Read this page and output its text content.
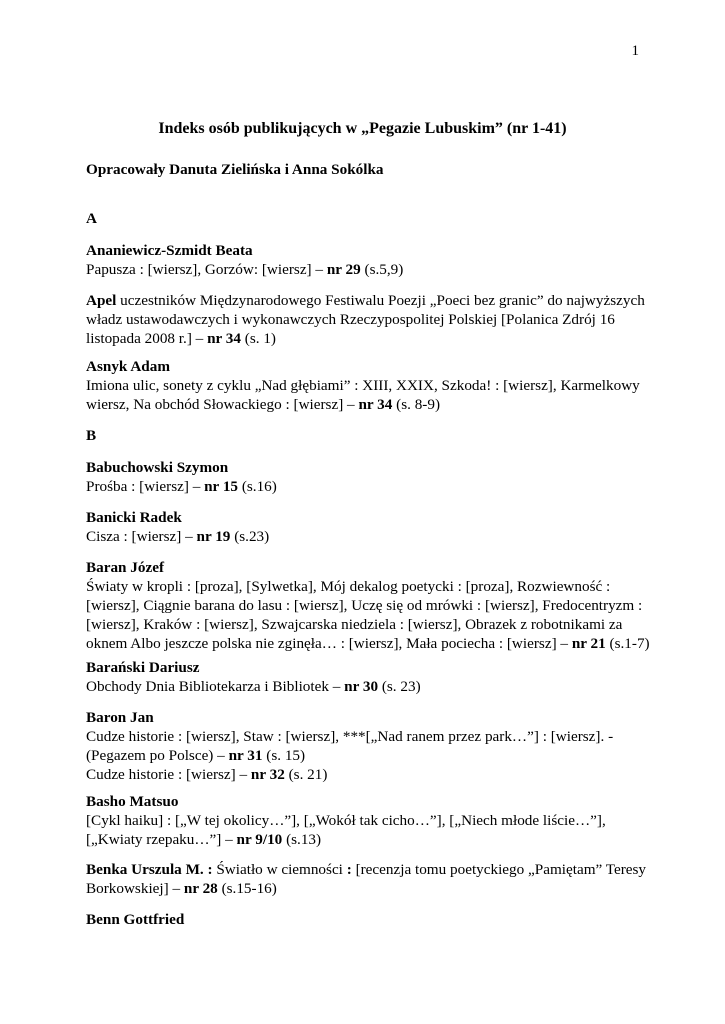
1
Indeks osób publikujących w „Pegazie Lubuskim” (nr 1-41)
Opracowały Danuta Zielińska i Anna Sokólka
A
Ananiewicz-Szmidt Beata
Papusza : [wiersz], Gorzów: [wiersz] – nr 29 (s.5,9)
Apel uczestników Międzynarodowego Festiwalu Poezji „Poeci bez granic” do najwyższych
władz ustawodawczych i wykonawczych Rzeczypospolitej Polskiej [Polanica Zdrój 16
listopada 2008 r.] – nr 34 (s. 1)
Asnyk Adam
Imiona ulic, sonety z cyklu „Nad głębiami” : XIII, XXIX, Szkoda! : [wiersz], Karmelkowy
wiersz, Na obchód Słowackiego : [wiersz] – nr 34 (s. 8-9)
B
Babuchowski Szymon
Prośba : [wiersz] – nr 15 (s.16)
Banicki Radek
Cisza : [wiersz] – nr 19 (s.23)
Baran Józef
Światy w kropli : [proza], [Sylwetka], Mój dekalog poetycki : [proza], Rozwiewność :
[wiersz], Ciągnie barana do lasu : [wiersz], Uczę się od mrówki : [wiersz], Fredocentryzm :
[wiersz], Kraków : [wiersz], Szwajcarska niedziela : [wiersz], Obrazek z robotnikami za
oknem Albo jeszcze polska nie zginęła… : [wiersz], Mała pociecha : [wiersz] – nr 21 (s.1-7)
Barański Dariusz
Obchody Dnia Bibliotekarza i Bibliotek – nr 30 (s. 23)
Baron Jan
Cudze historie : [wiersz], Staw : [wiersz], ***[„Nad ranem przez park…”] : [wiersz]. -
(Pegazem po Polsce) – nr 31 (s. 15)
Cudze historie : [wiersz] – nr 32 (s. 21)
Basho Matsuo
[Cykl haiku] : [„W tej okolicy…”], [„Wokół tak cicho…”], [„Niech młode liście…”],
[„Kwiaty rzepaku…”] – nr 9/10 (s.13)
Benka Urszula M. : Światło w ciemności : [recenzja tomu poetyckiego „Pamiętam” Teresy
Borkowskiej] – nr 28 (s.15-16)
Benn Gottfried
